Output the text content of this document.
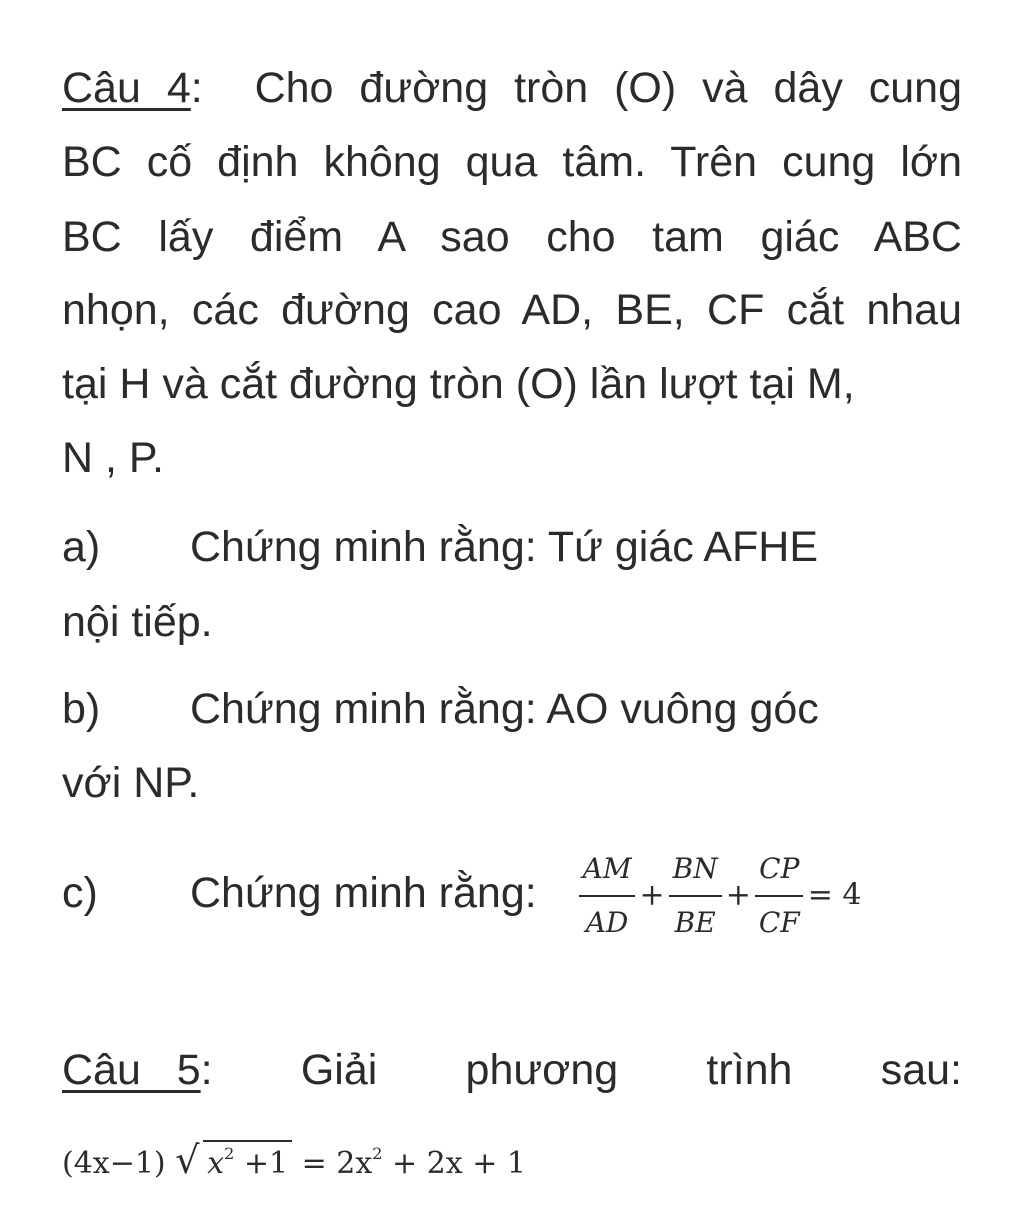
Câu 4: Cho đường tròn (O) và dây cung
BC cố định không qua tâm. Trên cung lớn
BC lấy điểm A sao cho tam giác ABC
nhọn, các đường cao AD, BE, CF cắt nhau
tại H và cắt đường tròn (O) lần lượt tại M,
N , P.
a) Chứng minh rằng: Tứ giác AFHE
nội tiếp.
b) Chứng minh rằng: AO vuông góc
với NP.
c) Chứng minh rằng: $\frac{AM}{AD} + \frac{BN}{BE} + \frac{CP}{CF} = 4$
Câu   5: Giải phương trình sau:
(4x−1) √ $x^2 +1 = 2x^2 + 2x + 1$
